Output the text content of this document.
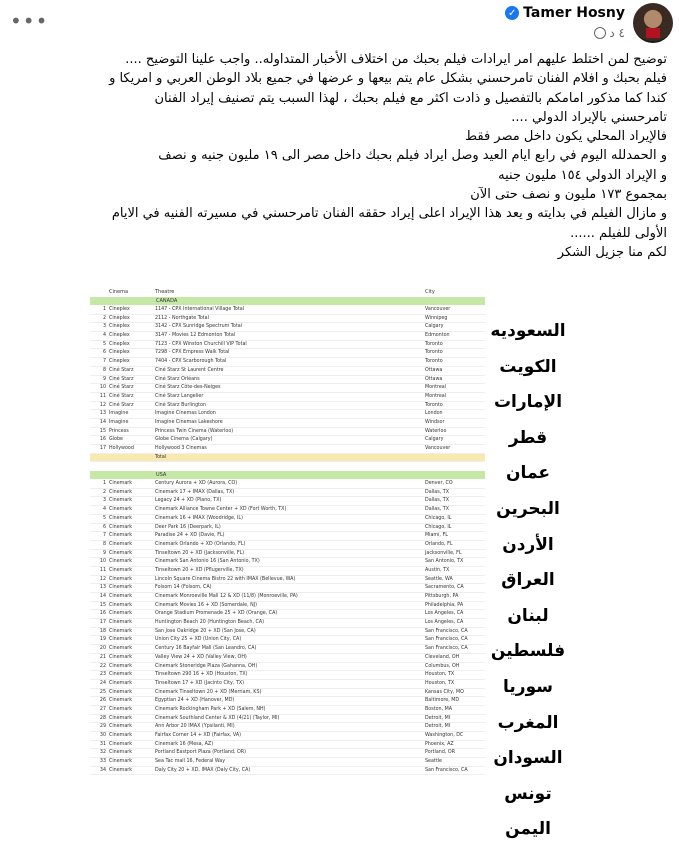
•••	Tamer Hosny
✓
٤ د
توضيح لمن اختلط عليهم امر ايرادات فيلم بحبك من اختلاف الأخبار المتداوله.. واجب علينا التوضيح ....
فيلم بحبك و افلام الفنان تامرحسني بشكل عام يتم بيعها و عرضها في جميع بلاد الوطن العربي و امريكا و
كندا كما مذكور امامكم بالتفصيل و ذادت اكثر مع فيلم بحبك ، لهذا السبب يتم تصنيف إيراد الفنان
تامرحسني بالإيراد الدولي ....
فالإيراد المحلي يكون داخل مصر فقط
و الحمدلله اليوم في رابع ايام العيد وصل ايراد فيلم بحبك داخل مصر الى ١٩ مليون جنيه و نصف
و الإيراد الدولي ١٥٤ مليون جنيه
بمجموع ١٧٣ مليون و نصف حتى الآن
و مازال الفيلم في بدايته و يعد هذا الإيراد اعلى إيراد حققه الفنان تامرحسني في مسيرته الفنيه في الايام
الأولى للفيلم ......
لكم منا جزيل الشكر
Cinema	Theatre	City
CANADA
1 Cineplex	1147 - CPX International Village Total	Vancouver
2 Cineplex	2112 - Northgate Total	Winnipeg
3 Cineplex	3142 - CPX Sunridge Spectrum Total	Calgary
4 Cineplex	3147 - Movies 12 Edmonton Total	Edmonton
5 Cineplex	7123 - CPX Winston Churchill VIP Total	Toronto
6 Cineplex	7298 - CPX Empress Walk Total	Toronto
7 Cineplex	7404 - CPX Scarborough Total	Toronto
8 Ciné Starz	Ciné Starz St Laurent Centre	Ottawa
9 Ciné Starz	Ciné Starz Orléans	Ottawa
10 Ciné Starz	Ciné Starz Côte-des-Neiges	Montreal
11 Ciné Starz	Ciné Starz Langelier	Montreal
12 Ciné Starz	Ciné Starz Burlington	Toronto
13 Imagine	Imagine Cinemas London	London
14 Imagine	Imagine Cinemas Lakeshore	Windsor
15 Princess	Princess Twin Cinema (Waterloo)	Waterloo
16 Globe	Globe Cinema (Calgary)	Calgary
17 Hollywood	Hollywood 3 Cinemas	Vancouver
Total
USA
1 Cinemark	Century Aurora + XD (Aurora, CO)	Denver, CO
2 Cinemark	Cinemark 17 + IMAX (Dallas, TX)	Dallas, TX
3 Cinemark	Legacy 24 + XD (Plano, TX)	Dallas, TX
4 Cinemark	Cinemark Alliance Towne Center + XD (Fort Worth, TX)	Dallas, TX
5 Cinemark	Cinemark 16 + IMAX (Woodridge, IL)	Chicago, IL
6 Cinemark	Deer Park 16 (Deerpark, IL)	Chicago, IL
7 Cinemark	Paradise 24 + XD (Davie, FL)	Miami, FL
8 Cinemark	Cinemark Orlando + XD (Orlando, FL)	Orlando, FL
9 Cinemark	Tinseltown 20 + XD (Jacksonville, FL)	Jacksonville, FL
10 Cinemark	Cinemark San Antonio 16 (San Antonio, TX)	San Antonio, TX
11 Cinemark	Tinseltown 20 + XD (Pflugerville, TX)	Austin, TX
12 Cinemark	Lincoln Square Cinema Bistro 22 with IMAX (Bellevue, WA)	Seattle, WA
13 Cinemark	Folsom 14 (Folsom, CA)	Sacramento, CA
14 Cinemark	Cinemark Monroeville Mall 12 & XD (11/8) (Monroeville, PA)	Pittsburgh, PA
15 Cinemark	Cinemark Movies 16 + XD (Somerdale, NJ)	Philadelphia, PA
16 Cinemark	Orange Stadium Promenade 25 + XD (Orange, CA)	Los Angeles, CA
17 Cinemark	Huntington Beach 20 (Huntington Beach, CA)	Los Angeles, CA
18 Cinemark	San Jose Oakridge 20 + XD (San Jose, CA)	San Francisco, CA
19 Cinemark	Union City 25 + XD (Union City, CA)	San Francisco, CA
20 Cinemark	Century 16 Bayfair Mall (San Leandro, CA)	San Francisco, CA
21 Cinemark	Valley View 24 + XD (Valley View, OH)	Cleveland, OH
22 Cinemark	Cinemark Stoneridge Plaza (Gahanna, OH)	Columbus, OH
23 Cinemark	Tinseltown 290 16 + XD (Houston, TX)	Houston, TX
24 Cinemark	Tinseltown 17 + XD (Jacinto City, TX)	Houston, TX
25 Cinemark	Cinemark Tinseltown 20 + XD (Merriam, KS)	Kansas City, MO
26 Cinemark	Egyptian 24 + XD (Hanover, MD)	Baltimore, MD
27 Cinemark	Cinemark Rockingham Park + XD (Salem, NH)	Boston, MA
28 Cinemark	Cinemark Southland Center & XD (4/21) (Taylor, MI)	Detroit, MI
29 Cinemark	Ann Arbor 20 IMAX (Ypsilanti, MI)	Detroit, MI
30 Cinemark	Fairfax Corner 14 + XD (Fairfax, VA)	Washington, DC
31 Cinemark	Cinemark 16 (Mesa, AZ)	Phoenix, AZ
32 Cinemark	Portland Eastport Plaza (Portland, OR)	Portland, OR
33 Cinemark	Sea Tac mall 16, Federal Way	Seattle
34 Cinemark	Daly City 20 + XD, IMAX (Daly City, CA)	San Francisco, CA
السعوديه
الكويت
الإمارات
قطر
عمان
البحرين
الأردن
العراق
لبنان
فلسطين
سوريا
المغرب
السودان
تونس
اليمن
